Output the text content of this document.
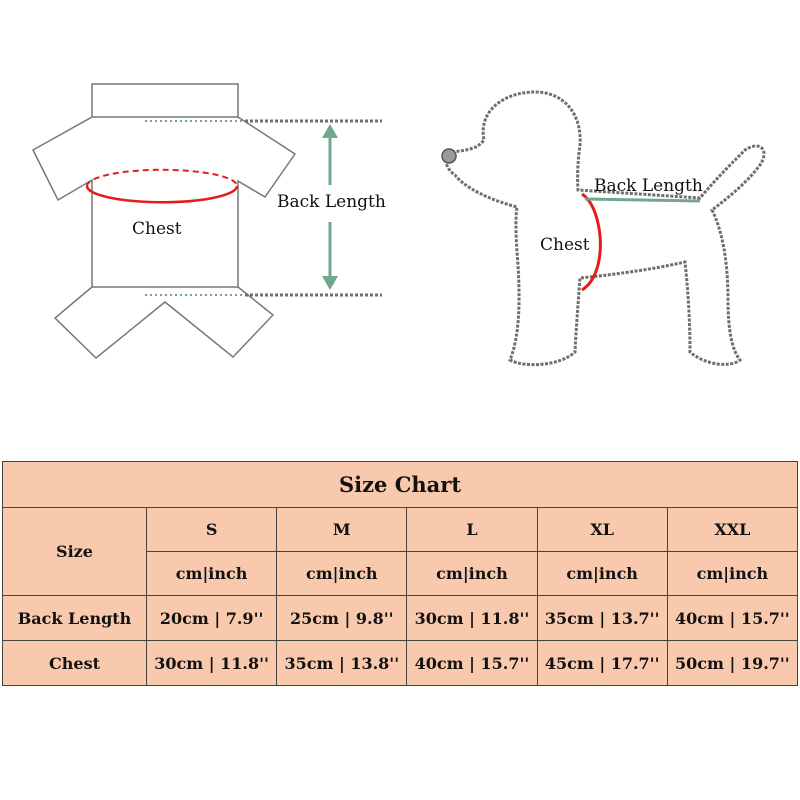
Chest
Back Length
Back Length
Chest
Size Chart					
Size	S	M	L	XL	XXL
	cm|inch	cm|inch	cm|inch	cm|inch	cm|inch
Back Length	20cm | 7.9''	25cm | 9.8''	30cm | 11.8''	35cm | 13.7''	40cm | 15.7''
Chest	30cm | 11.8''	35cm | 13.8''	40cm | 15.7''	45cm | 17.7''	50cm | 19.7''
